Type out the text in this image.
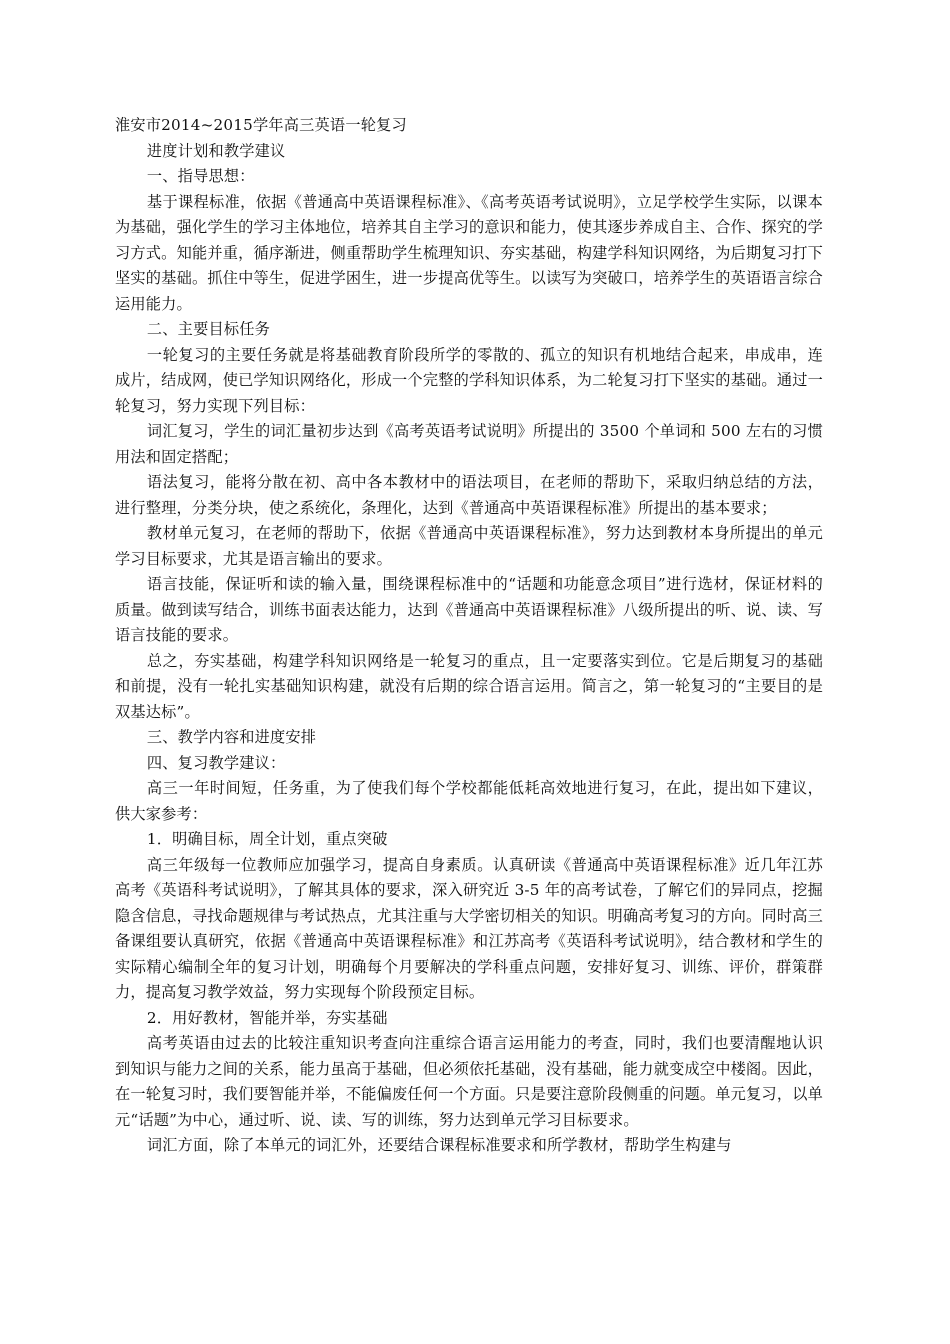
淮安市2014~2015学年高三英语一轮复习

进度计划和教学建议

一、指导思想：

基于课程标准，依据《普通高中英语课程标准》、《高考英语考试说明》，立足学校学生实际，以课本为基础，强化学生的学习主体地位，培养其自主学习的意识和能力，使其逐步养成自主、合作、探究的学习方式。知能并重，循序渐进，侧重帮助学生梳理知识、夯实基础，构建学科知识网络，为后期复习打下坚实的基础。抓住中等生，促进学困生，进一步提高优等生。以读写为突破口，培养学生的英语语言综合运用能力。

二、主要目标任务

一轮复习的主要任务就是将基础教育阶段所学的零散的、孤立的知识有机地结合起来，串成串，连成片，结成网，使已学知识网络化，形成一个完整的学科知识体系，为二轮复习打下坚实的基础。通过一轮复习，努力实现下列目标：

词汇复习，学生的词汇量初步达到《高考英语考试说明》所提出的 3500 个单词和 500 左右的习惯用法和固定搭配；

语法复习，能将分散在初、高中各本教材中的语法项目，在老师的帮助下，采取归纳总结的方法，进行整理，分类分块，使之系统化，条理化，达到《普通高中英语课程标准》所提出的基本要求；

教材单元复习，在老师的帮助下，依据《普通高中英语课程标准》，努力达到教材本身所提出的单元学习目标要求，尤其是语言输出的要求。

语言技能，保证听和读的输入量，围绕课程标准中的“话题和功能意念项目”进行选材，保证材料的质量。做到读写结合，训练书面表达能力，达到《普通高中英语课程标准》八级所提出的听、说、读、写语言技能的要求。

总之，夯实基础，构建学科知识网络是一轮复习的重点，且一定要落实到位。它是后期复习的基础和前提，没有一轮扎实基础知识构建，就没有后期的综合语言运用。简言之，第一轮复习的“主要目的是双基达标”。

三、教学内容和进度安排

四、复习教学建议：

高三一年时间短，任务重，为了使我们每个学校都能低耗高效地进行复习，在此，提出如下建议，供大家参考：

1．明确目标，周全计划，重点突破

高三年级每一位教师应加强学习，提高自身素质。认真研读《普通高中英语课程标准》近几年江苏高考《英语科考试说明》，了解其具体的要求，深入研究近 3-5 年的高考试卷，了解它们的异同点，挖掘隐含信息，寻找命题规律与考试热点，尤其注重与大学密切相关的知识。明确高考复习的方向。同时高三备课组要认真研究，依据《普通高中英语课程标准》和江苏高考《英语科考试说明》，结合教材和学生的实际精心编制全年的复习计划，明确每个月要解决的学科重点问题，安排好复习、训练、评价，群策群力，提高复习教学效益，努力实现每个阶段预定目标。

2．用好教材，智能并举，夯实基础

高考英语由过去的比较注重知识考查向注重综合语言运用能力的考查，同时，我们也要清醒地认识到知识与能力之间的关系，能力虽高于基础，但必须依托基础，没有基础，能力就变成空中楼阁。因此，在一轮复习时，我们要智能并举，不能偏废任何一个方面。只是要注意阶段侧重的问题。单元复习，以单元“话题”为中心，通过听、说、读、写的训练，努力达到单元学习目标要求。

词汇方面，除了本单元的词汇外，还要结合课程标准要求和所学教材，帮助学生构建与
